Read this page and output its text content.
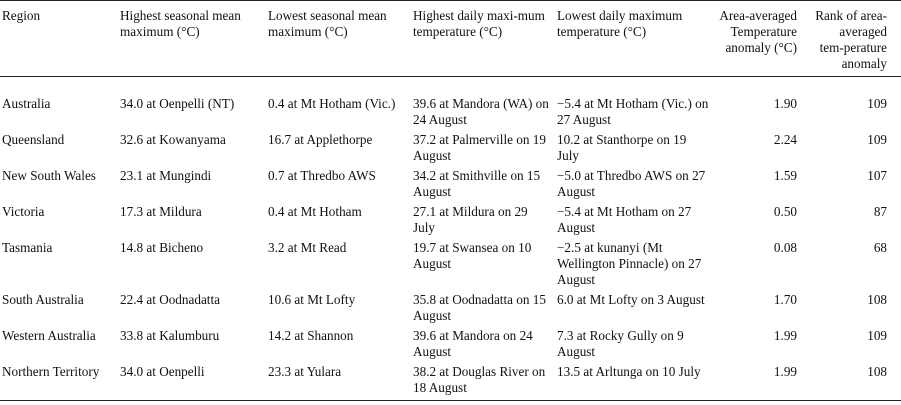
Region	Highest seasonal mean maximum (°C)	Lowest seasonal mean maximum (°C)	Highest daily maxi-mum temperature (°C)	Lowest daily maximum temperature (°C)	Area-averaged Temperature anomaly (°C)	Rank of area-averaged tem-perature anomaly
Australia	34.0 at Oenpelli (NT)	0.4 at Mt Hotham (Vic.)	39.6 at Mandora (WA) on 24 August	−5.4 at Mt Hotham (Vic.) on 27 August	1.90	109
Queensland	32.6 at Kowanyama	16.7 at Applethorpe	37.2 at Palmerville on 19 August	10.2 at Stanthorpe on 19 July	2.24	109
New South Wales	23.1 at Mungindi	0.7 at Thredbo AWS	34.2 at Smithville on 15 August	−5.0 at Thredbo AWS on 27 August	1.59	107
Victoria	17.3 at Mildura	0.4 at Mt Hotham	27.1 at Mildura on 29 July	−5.4 at Mt Hotham on 27 August	0.50	87
Tasmania	14.8 at Bicheno	3.2 at Mt Read	19.7 at Swansea on 10 August	−2.5 at kunanyi (Mt Wellington Pinnacle) on 27 August	0.08	68
South Australia	22.4 at Oodnadatta	10.6 at Mt Lofty	35.8 at Oodnadatta on 15 August	6.0 at Mt Lofty on 3 August	1.70	108
Western Australia	33.8 at Kalumburu	14.2 at Shannon	39.6 at Mandora on 24 August	7.3 at Rocky Gully on 9 August	1.99	109
Northern Territory	34.0 at Oenpelli	23.3 at Yulara	38.2 at Douglas River on 18 August	13.5 at Arltunga on 10 July	1.99	108
